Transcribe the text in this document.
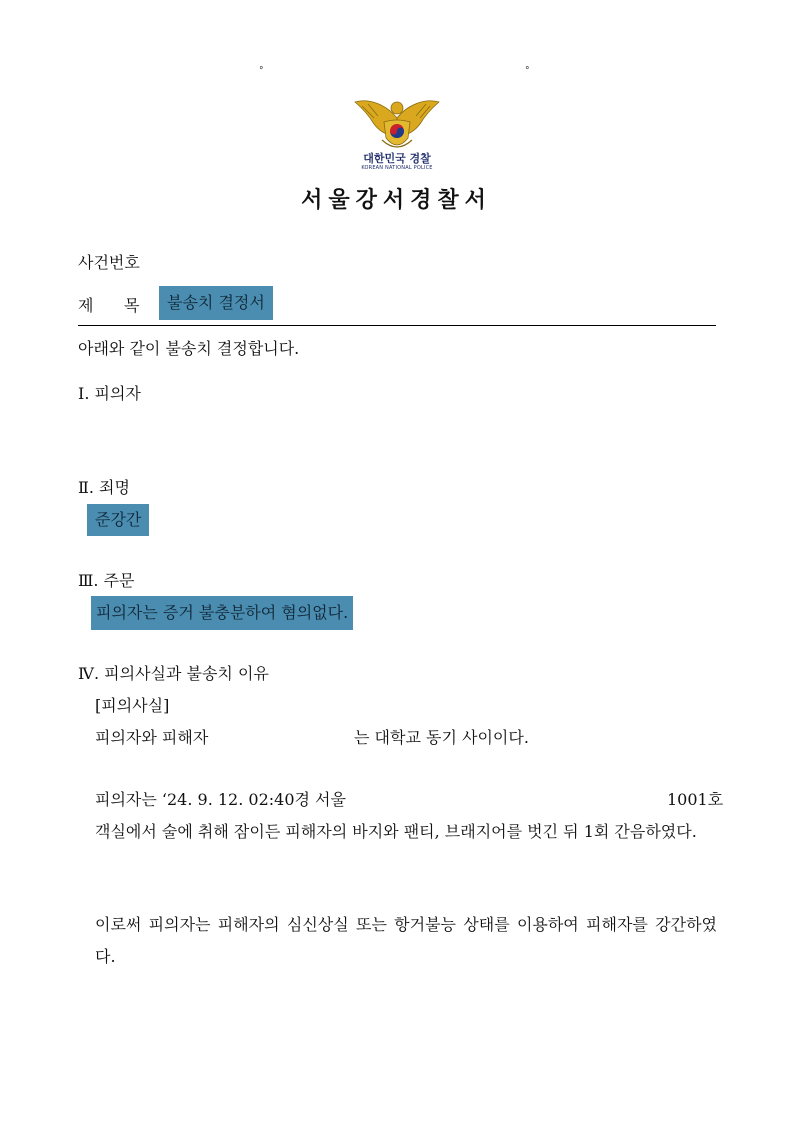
°	°
대한민국 경찰
KOREAN NATIONAL POLICE
서울강서경찰서
사건번호
제      목	불송치 결정서
아래와 같이 불송치 결정합니다.
Ⅰ. 피의자
Ⅱ. 죄명
준강간
Ⅲ. 주문
피의자는 증거 불충분하여 혐의없다.
Ⅳ. 피의사실과 불송치 이유
[피의사실]
피의자와 피해자	는 대학교 동기 사이이다.
피의자는 ‘24. 9. 12. 02:40경 서울	1001호
객실에서 술에 취해 잠이든 피해자의 바지와 팬티, 브래지어를 벗긴 뒤 1회 간음하였다.
이로써 피의자는 피해자의 심신상실 또는 항거불능 상태를 이용하여 피해자를 강간하였다.
